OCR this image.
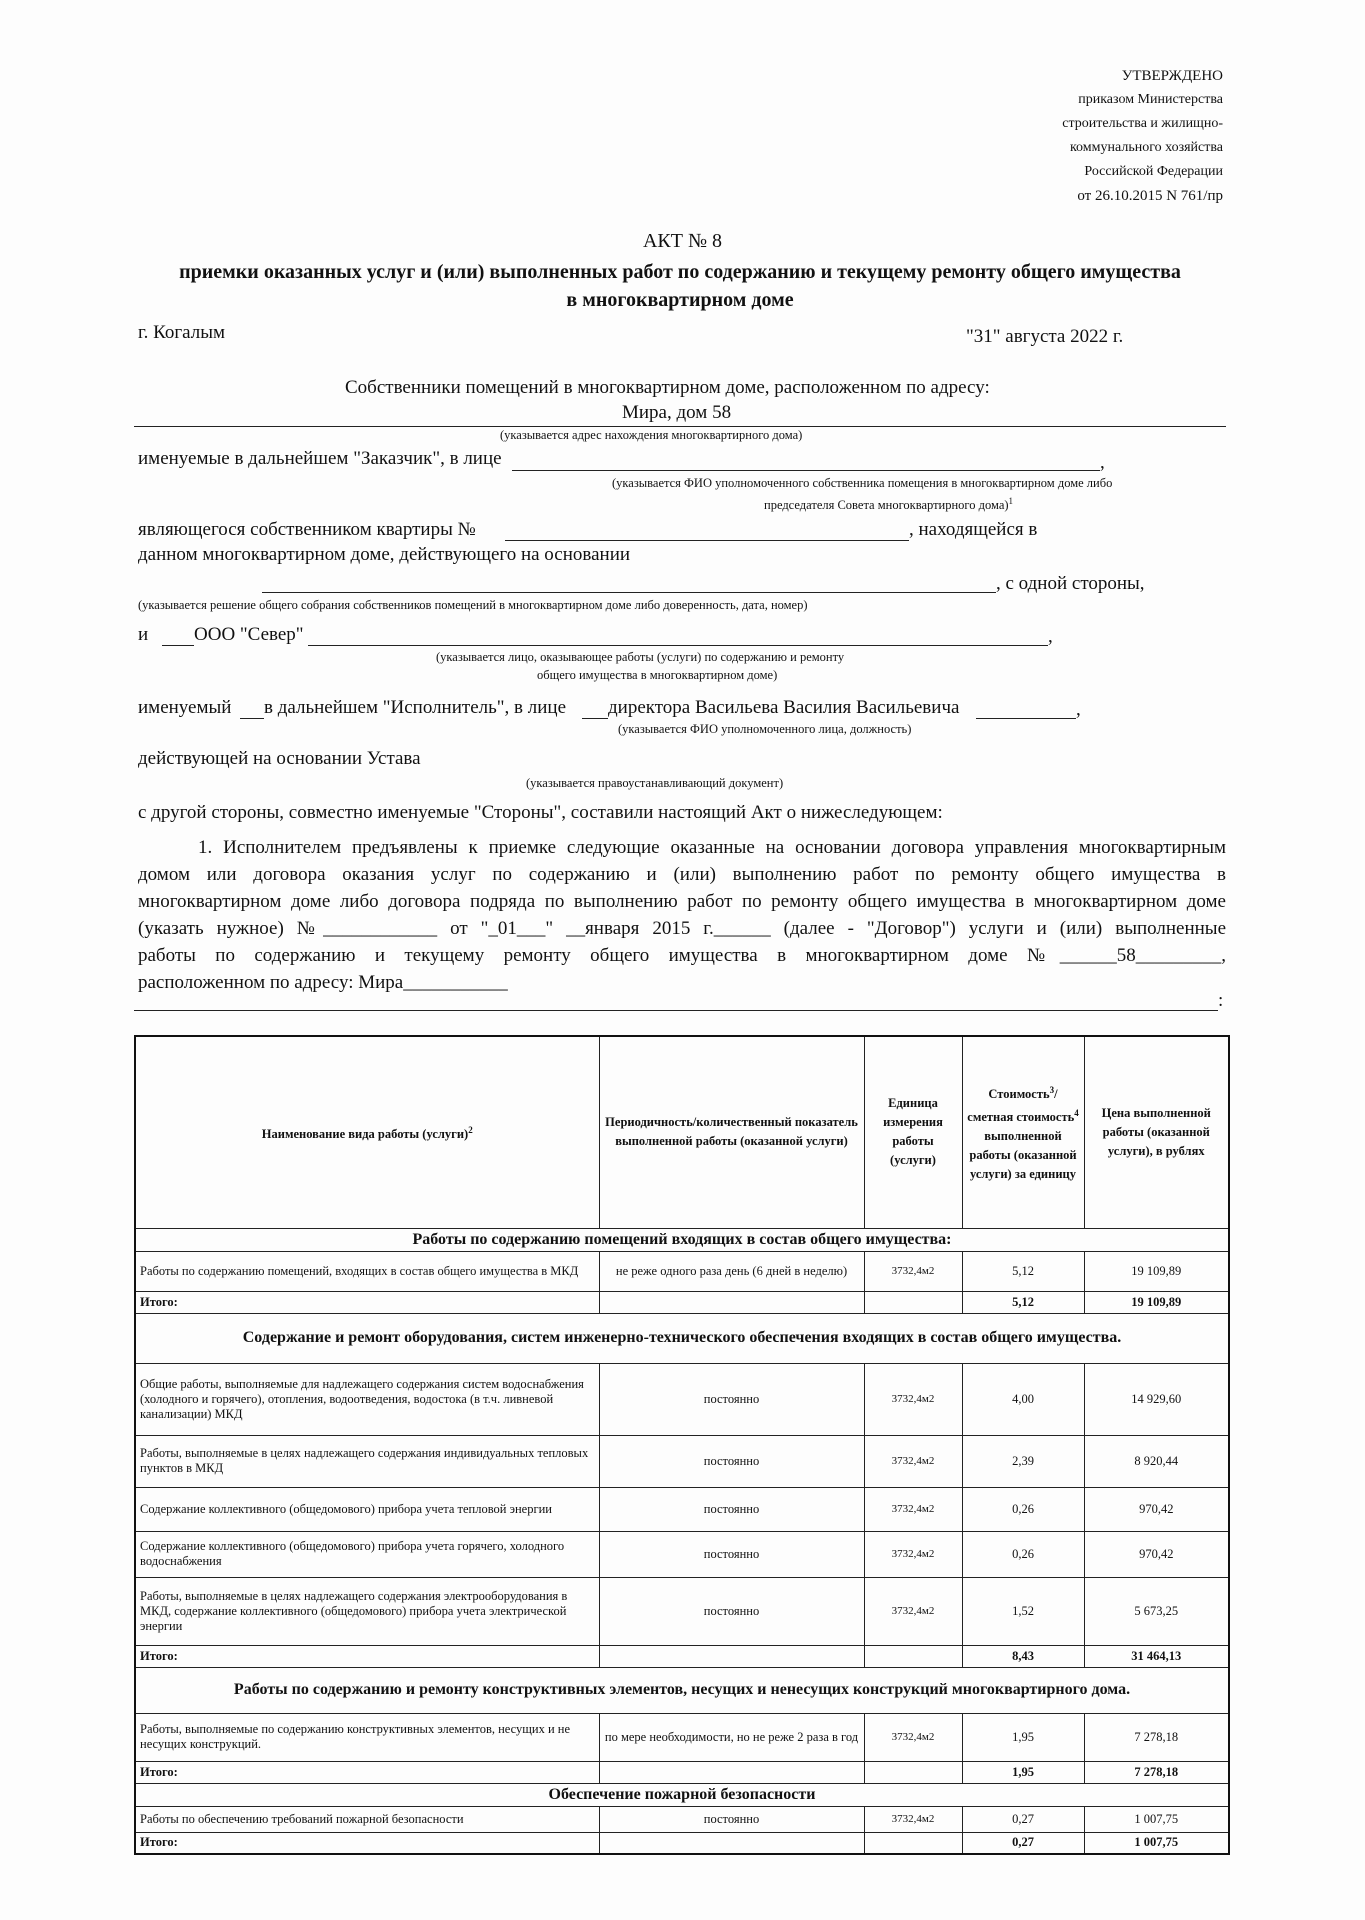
УТВЕРЖДЕНО
приказом Министерства
строительства и жилищно-
коммунального хозяйства
Российской Федерации
от 26.10.2015 N 761/пр
АКТ № 8
приемки оказанных услуг и (или) выполненных работ по содержанию и текущему ремонту общего имущества
в многоквартирном доме
г. Когалым	"31" августа 2022 г.
Собственники помещений в многоквартирном доме, расположенном по адресу:
Мира, дом 58
(указывается адрес нахождения многоквартирного дома)
именуемые в дальнейшем "Заказчик", в лице	,
(указывается ФИО уполномоченного собственника помещения в многоквартирном доме либо
председателя Совета многоквартирного дома)$^1$
являющегося собственником квартиры №	, находящейся в
данном многоквартирном доме, действующего на основании
, с одной стороны,
(указывается решение общего собрания собственников помещений в многоквартирном доме либо доверенность, дата, номер)
и ООО "Север"	,
(указывается лицо, оказывающее работы (услуги) по содержанию и ремонту
общего имущества в многоквартирном доме)
именуемый в дальнейшем "Исполнитель", в лице директора Васильева Василия Васильевича	,
(указывается ФИО уполномоченного лица, должность)
действующей на основании Устава
(указывается правоустанавливающий документ)
с другой стороны, совместно именуемые "Стороны", составили настоящий Акт о нижеследующем:
1. Исполнителем предъявлены к приемке следующие оказанные на основании договора управления многоквартирным
домом или договора оказания услуг по содержанию и (или) выполнению работ по ремонту общего имущества в
многоквартирном доме либо договора подряда по выполнению работ по ремонту общего имущества в многоквартирном доме
(указать нужное) №____________ от "_01___" __января 2015 г.______ (далее - "Договор") услуги и (или) выполненные
работы по содержанию и текущему ремонту общего имущества в многоквартирном доме №______58_________,
расположенном по адресу: Мира___________
:
Наименование вида работы (услуги)$^2$	Периодичность/количественный показатель выполненной работы (оказанной услуги)	Единица измерения работы (услуги)	Стоимость$^3$/сметная стоимость$^4$ выполненной работы (оказанной услуги) за единицу	Цена выполненной работы (оказанной услуги), в рублях
Работы по содержанию помещений входящих в состав общего имущества:				
Работы по содержанию помещений, входящих в состав общего имущества в МКД	не реже одного раза день (6 дней в неделю)	3732,4м2	5,12	19 109,89
Итого:			5,12	19 109,89
Содержание и ремонт оборудования, систем инженерно-технического обеспечения входящих в состав общего имущества.				
Общие работы, выполняемые для надлежащего содержания систем водоснабжения (холодного и горячего), отопления, водоотведения, водостока (в т.ч. ливневой канализации) МКД	постоянно	3732,4м2	4,00	14 929,60
Работы, выполняемые в целях надлежащего содержания индивидуальных тепловых пунктов в МКД	постоянно	3732,4м2	2,39	8 920,44
Содержание коллективного (общедомового) прибора учета тепловой энергии	постоянно	3732,4м2	0,26	970,42
Содержание коллективного (общедомового) прибора учета горячего, холодного водоснабжения	постоянно	3732,4м2	0,26	970,42
Работы, выполняемые в целях надлежащего содержания электрооборудования в МКД, содержание коллективного (общедомового) прибора учета электрической энергии	постоянно	3732,4м2	1,52	5 673,25
Итого:			8,43	31 464,13
Работы по содержанию и ремонту конструктивных элементов, несущих и ненесущих конструкций многоквартирного дома.				
Работы, выполняемые по содержанию конструктивных элементов, несущих и не несущих конструкций.	по мере необходимости, но не реже 2 раза в год	3732,4м2	1,95	7 278,18
Итого:			1,95	7 278,18
Обеспечение пожарной безопасности				
Работы по обеспечению требований пожарной безопасности	постоянно	3732,4м2	0,27	1 007,75
Итого:			0,27	1 007,75
